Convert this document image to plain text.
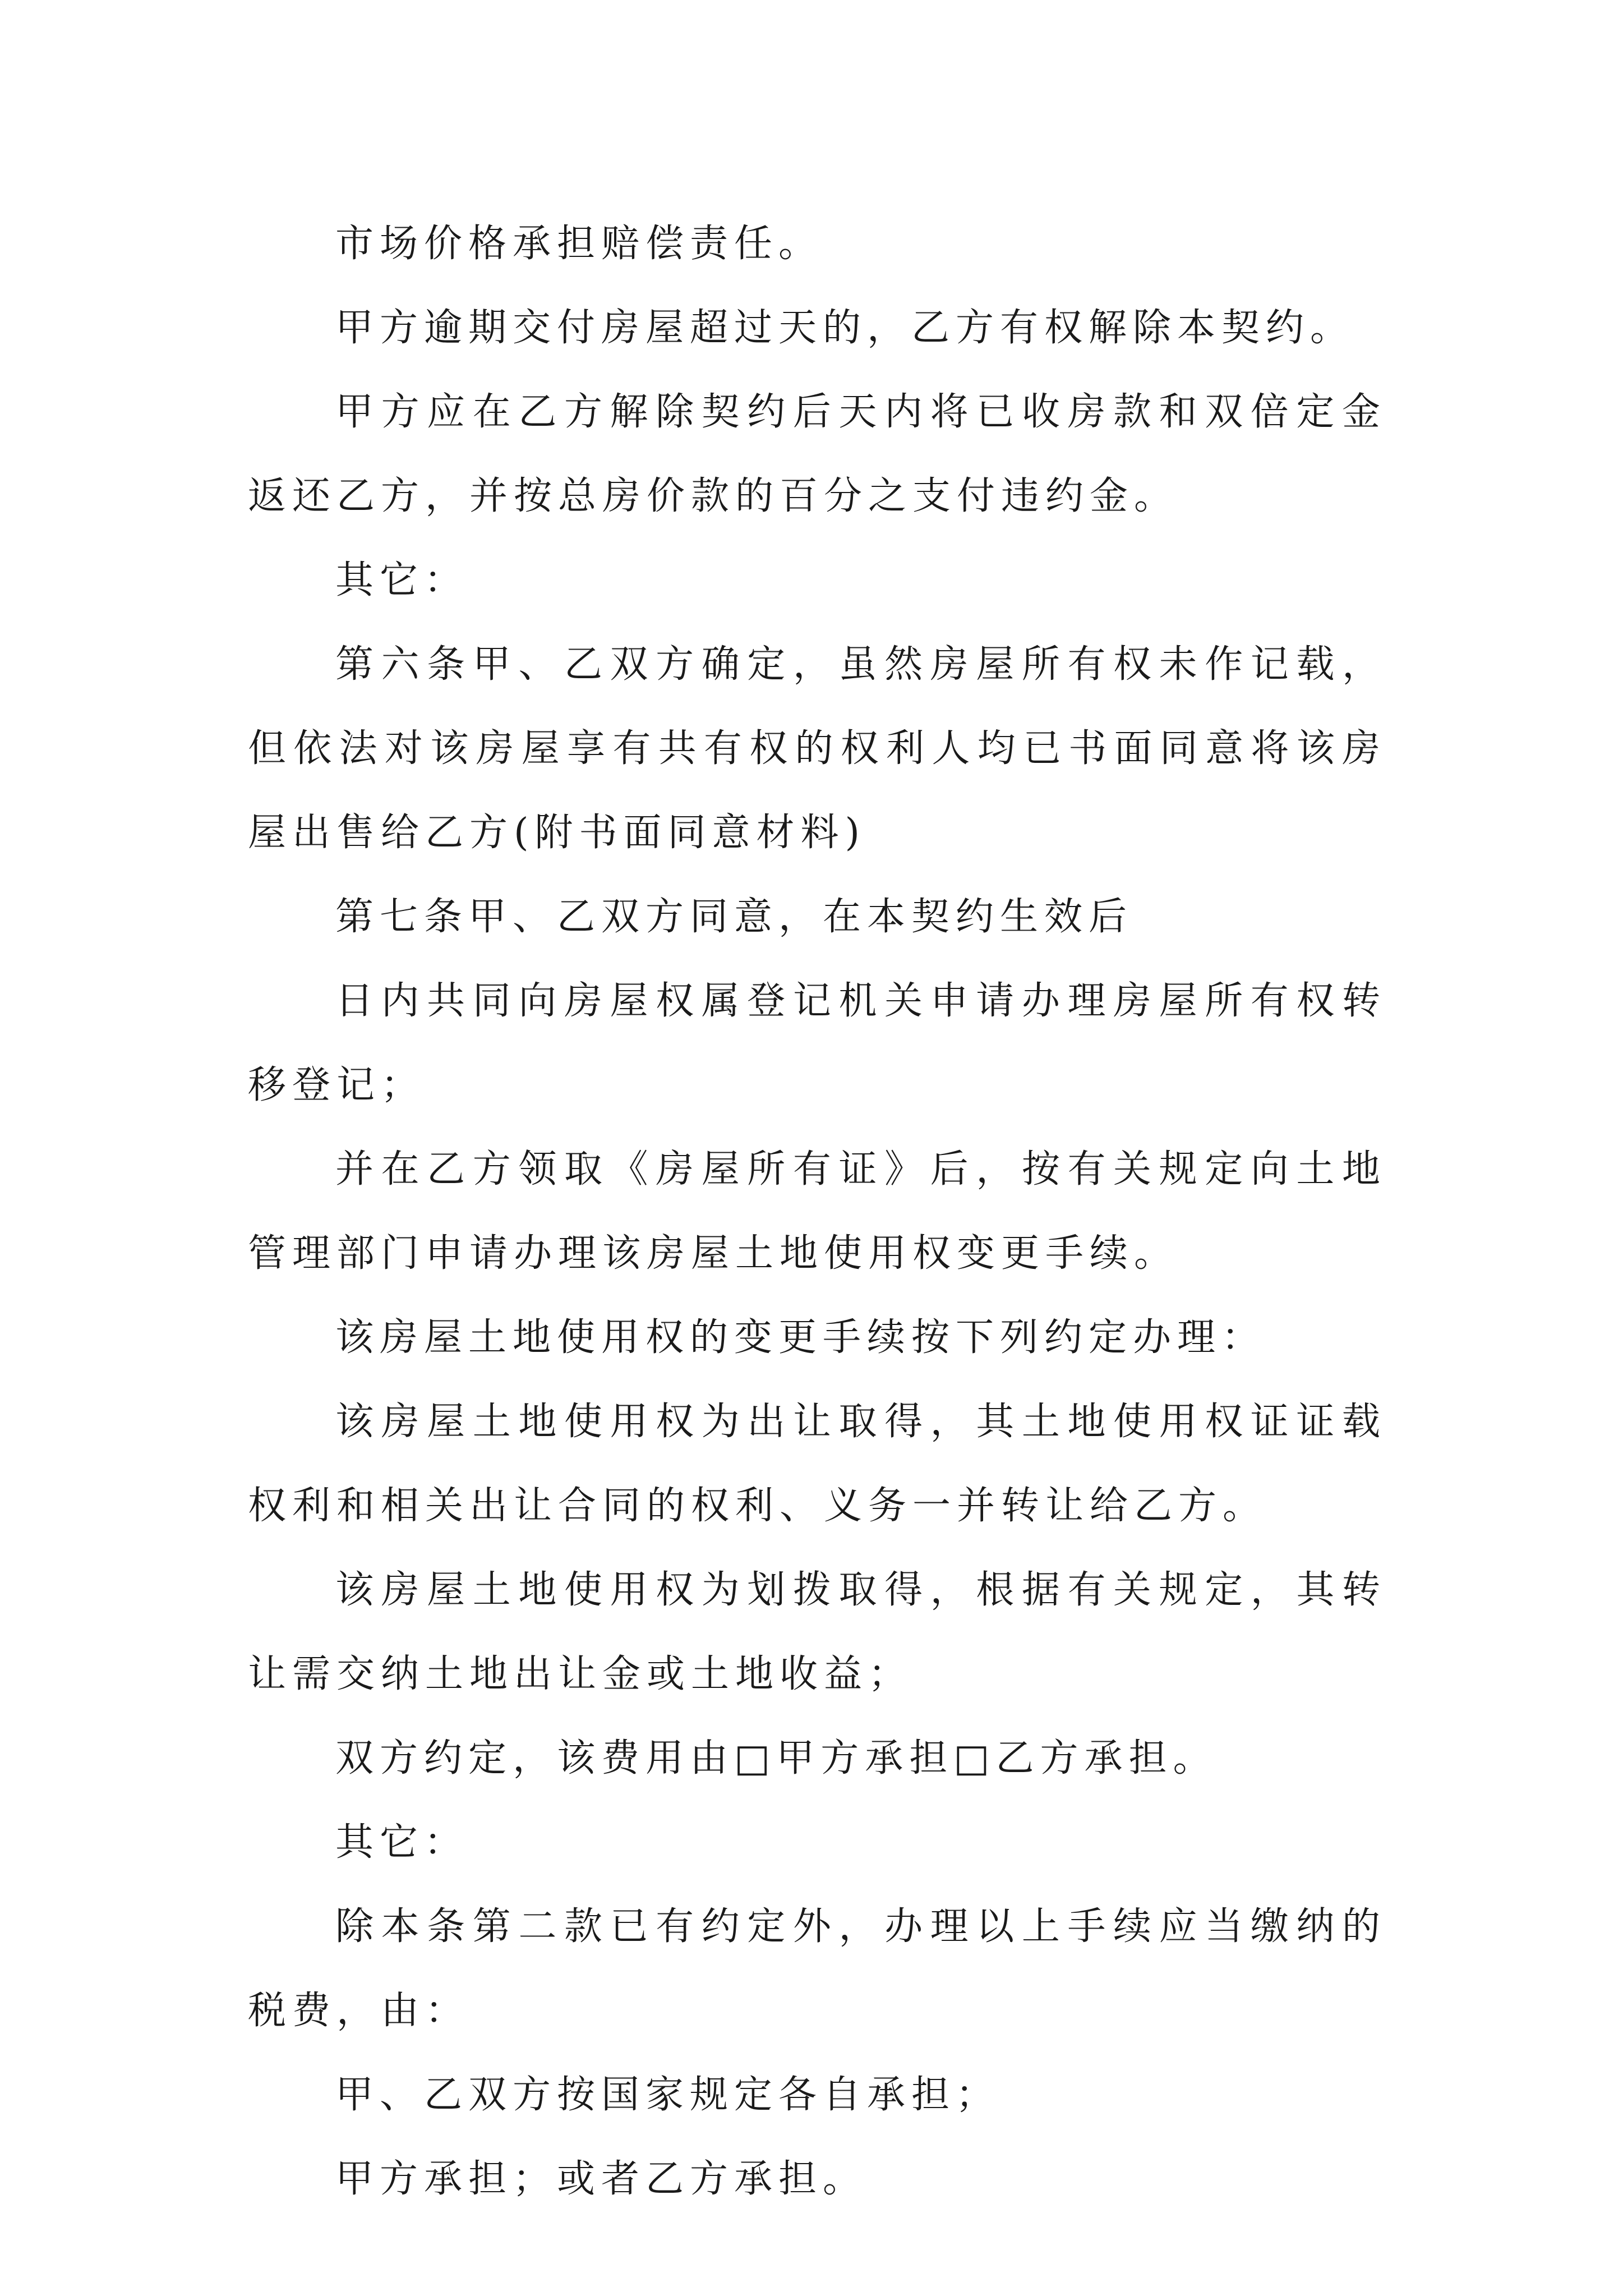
市场价格承担赔偿责任。

甲方逾期交付房屋超过天的，乙方有权解除本契约。

甲方应在乙方解除契约后天内将已收房款和双倍定金返还乙方，并按总房价款的百分之支付违约金。

其它：

第六条甲、乙双方确定，虽然房屋所有权未作记载，但依法对该房屋享有共有权的权利人均已书面同意将该房屋出售给乙方(附书面同意材料)

第七条甲、乙双方同意，在本契约生效后

日内共同向房屋权属登记机关申请办理房屋所有权转移登记；

并在乙方领取《房屋所有证》后，按有关规定向土地管理部门申请办理该房屋土地使用权变更手续。

该房屋土地使用权的变更手续按下列约定办理：

该房屋土地使用权为出让取得，其土地使用权证证载权利和相关出让合同的权利、义务一并转让给乙方。

该房屋土地使用权为划拨取得，根据有关规定，其转让需交纳土地出让金或土地收益；

双方约定，该费用由□甲方承担□乙方承担。

其它：

除本条第二款已有约定外，办理以上手续应当缴纳的税费，由：

甲、乙双方按国家规定各自承担；

甲方承担；或者乙方承担。
